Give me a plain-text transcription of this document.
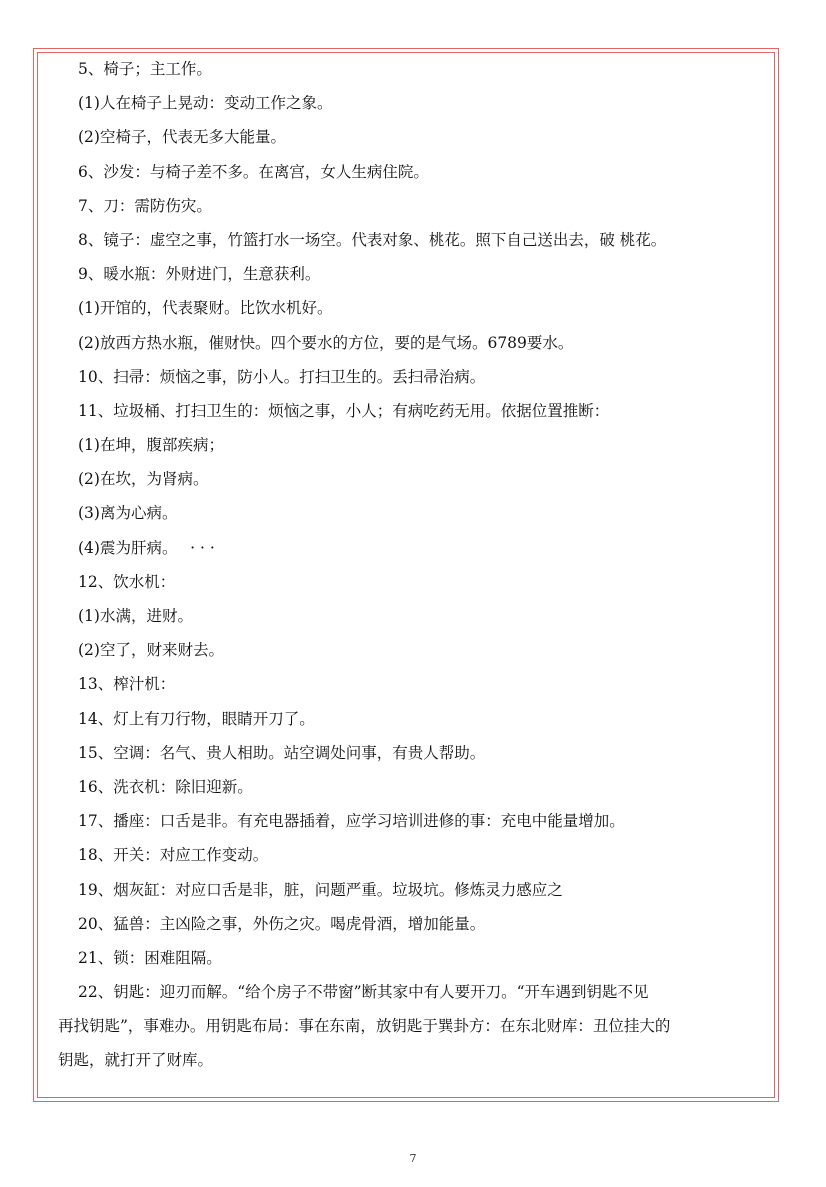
5、椅子；主工作。
(1)人在椅子上晃动：变动工作之象。
(2)空椅子，代表无多大能量。
6、沙发：与椅子差不多。在离宫，女人生病住院。
7、刀：需防伤灾。
8、镜子：虚空之事，竹篮打水一场空。代表对象、桃花。照下自己送出去，破 桃花。
9、暖水瓶：外财进门，生意获利。
(1)开馆的，代表聚财。比饮水机好。
(2)放西方热水瓶，催财快。四个要水的方位，要的是气场。6789要水。
10、扫帚：烦恼之事，防小人。打扫卫生的。丢扫帚治病。
11、垃圾桶、打扫卫生的：烦恼之事，小人；有病吃药无用。依据位置推断：
(1)在坤，腹部疾病；
(2)在坎，为肾病。
(3)离为心病。
(4)震为肝病。　 · · ·
12、饮水机：
(1)水满，进财。
(2)空了，财来财去。
13、榨汁机：
14、灯上有刀行物，眼睛开刀了。
15、空调：名气、贵人相助。站空调处问事，有贵人帮助。
16、洗衣机：除旧迎新。
17、播座：口舌是非。有充电器插着，应学习培训进修的事：充电中能量增加。
18、开关：对应工作变动。
19、烟灰缸：对应口舌是非，脏，问题严重。垃圾坑。修炼灵力感应之
20、猛兽：主凶险之事，外伤之灾。喝虎骨酒，增加能量。
21、锁：困难阻隔。
22、钥匙：迎刃而解。“给个房子不带窗”断其家中有人要开刀。“开车遇到钥匙不见
再找钥匙”，事难办。用钥匙布局：事在东南，放钥匙于巽卦方：在东北财库：丑位挂大的
钥匙，就打开了财库。
7
